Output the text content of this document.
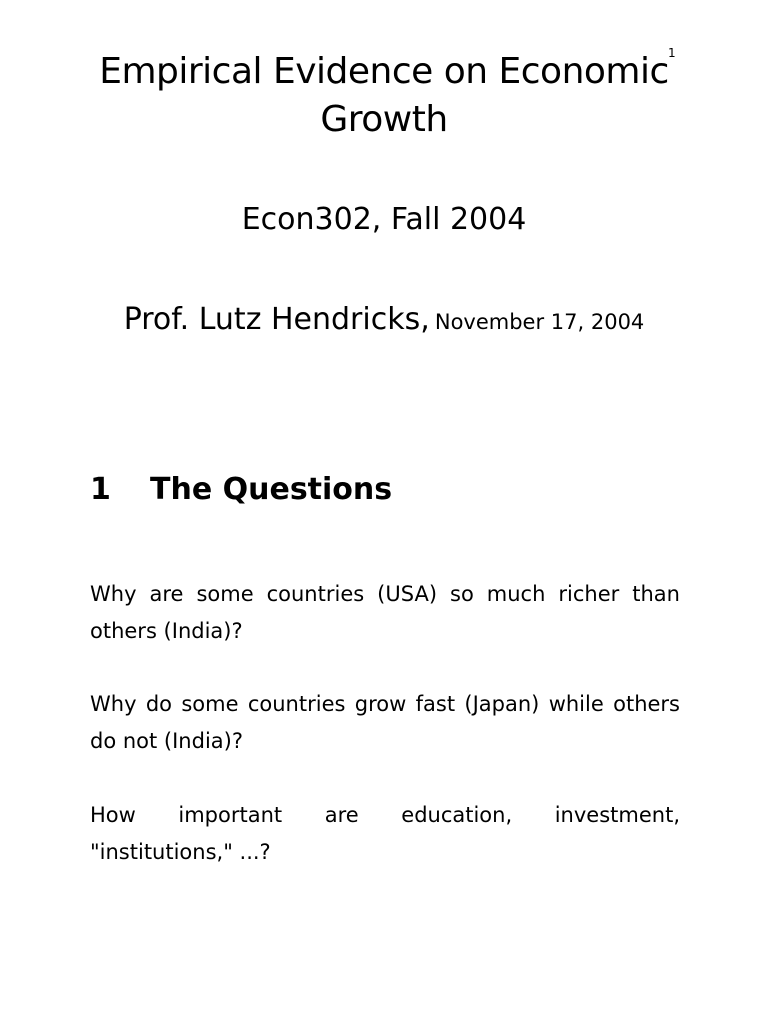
1
Empirical Evidence on Economic
Growth
Econ302, Fall 2004
Prof. Lutz Hendricks, November 17, 2004
1 The Questions

Why are some countries (USA) so much richer than others (India)?

Why do some countries grow fast (Japan) while others do not (India)?

How important are education, investment, "institutions," ...?
